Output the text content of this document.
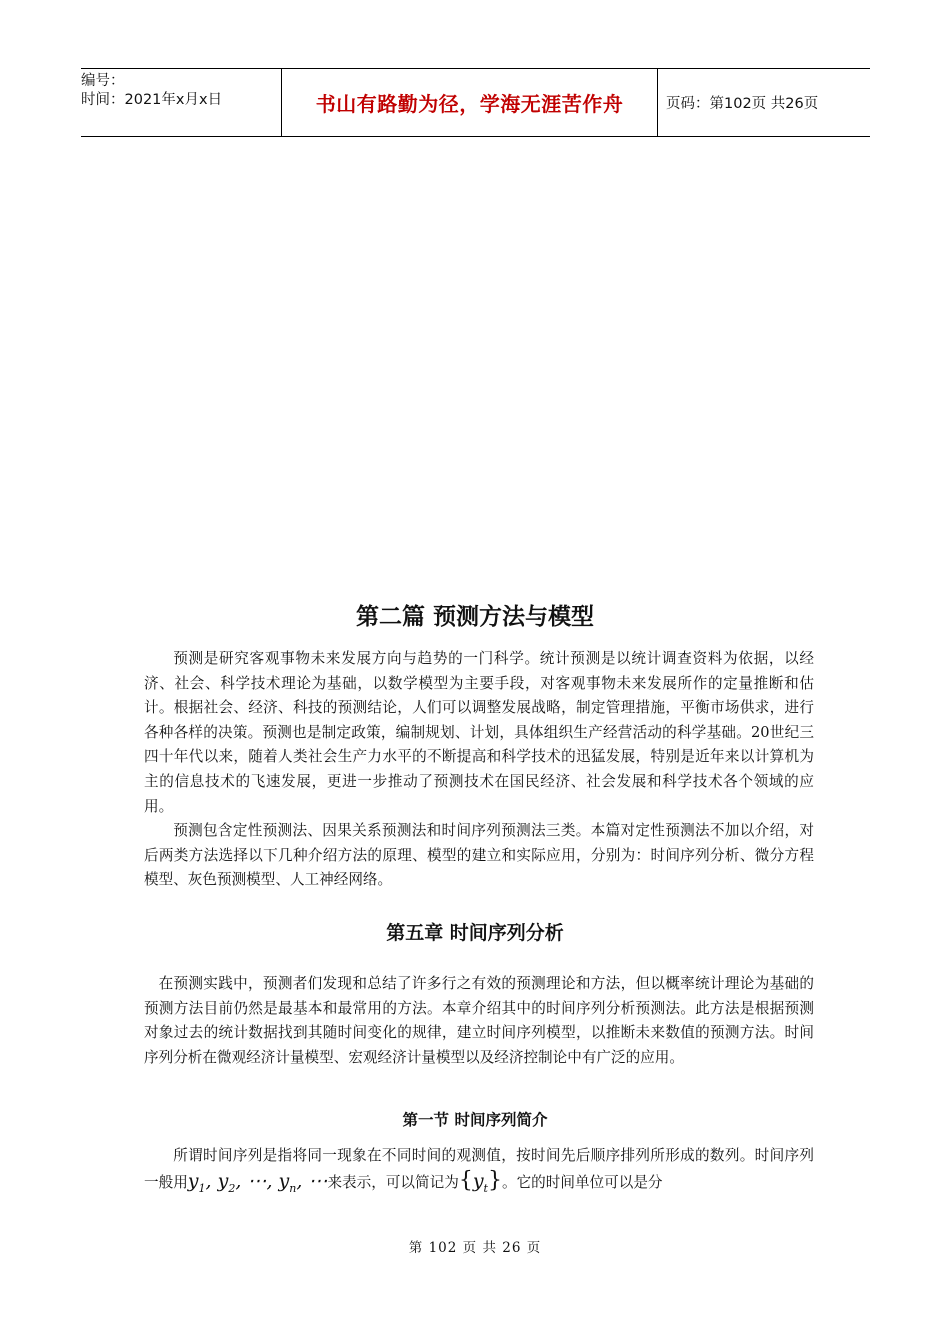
编号：
时间：2021年x月x日	书山有路勤为径，学海无涯苦作舟	页码：第102页 共26页
第二篇 预测方法与模型

预测是研究客观事物未来发展方向与趋势的一门科学。统计预测是以统计调查资料为依据，以经济、社会、科学技术理论为基础，以数学模型为主要手段，对客观事物未来发展所作的定量推断和估计。根据社会、经济、科技的预测结论，人们可以调整发展战略，制定管理措施，平衡市场供求，进行各种各样的决策。预测也是制定政策，编制规划、计划，具体组织生产经营活动的科学基础。20世纪三四十年代以来，随着人类社会生产力水平的不断提高和科学技术的迅猛发展，特别是近年来以计算机为主的信息技术的飞速发展，更进一步推动了预测技术在国民经济、社会发展和科学技术各个领域的应用。

预测包含定性预测法、因果关系预测法和时间序列预测法三类。本篇对定性预测法不加以介绍，对后两类方法选择以下几种介绍方法的原理、模型的建立和实际应用，分别为：时间序列分析、微分方程模型、灰色预测模型、人工神经网络。

第五章 时间序列分析

在预测实践中，预测者们发现和总结了许多行之有效的预测理论和方法，但以概率统计理论为基础的预测方法目前仍然是最基本和最常用的方法。本章介绍其中的时间序列分析预测法。此方法是根据预测对象过去的统计数据找到其随时间变化的规律，建立时间序列模型，以推断未来数值的预测方法。时间序列分析在微观经济计量模型、宏观经济计量模型以及经济控制论中有广泛的应用。

第一节 时间序列简介

所谓时间序列是指将同一现象在不同时间的观测值，按时间先后顺序排列所形成的数列。时间序列一般用$y_1$, $y_2$, ⋯, $y_n$, ⋯来表示，可以简记为$\{y_t\}$。它的时间单位可以是分

第 102 页 共 26 页
